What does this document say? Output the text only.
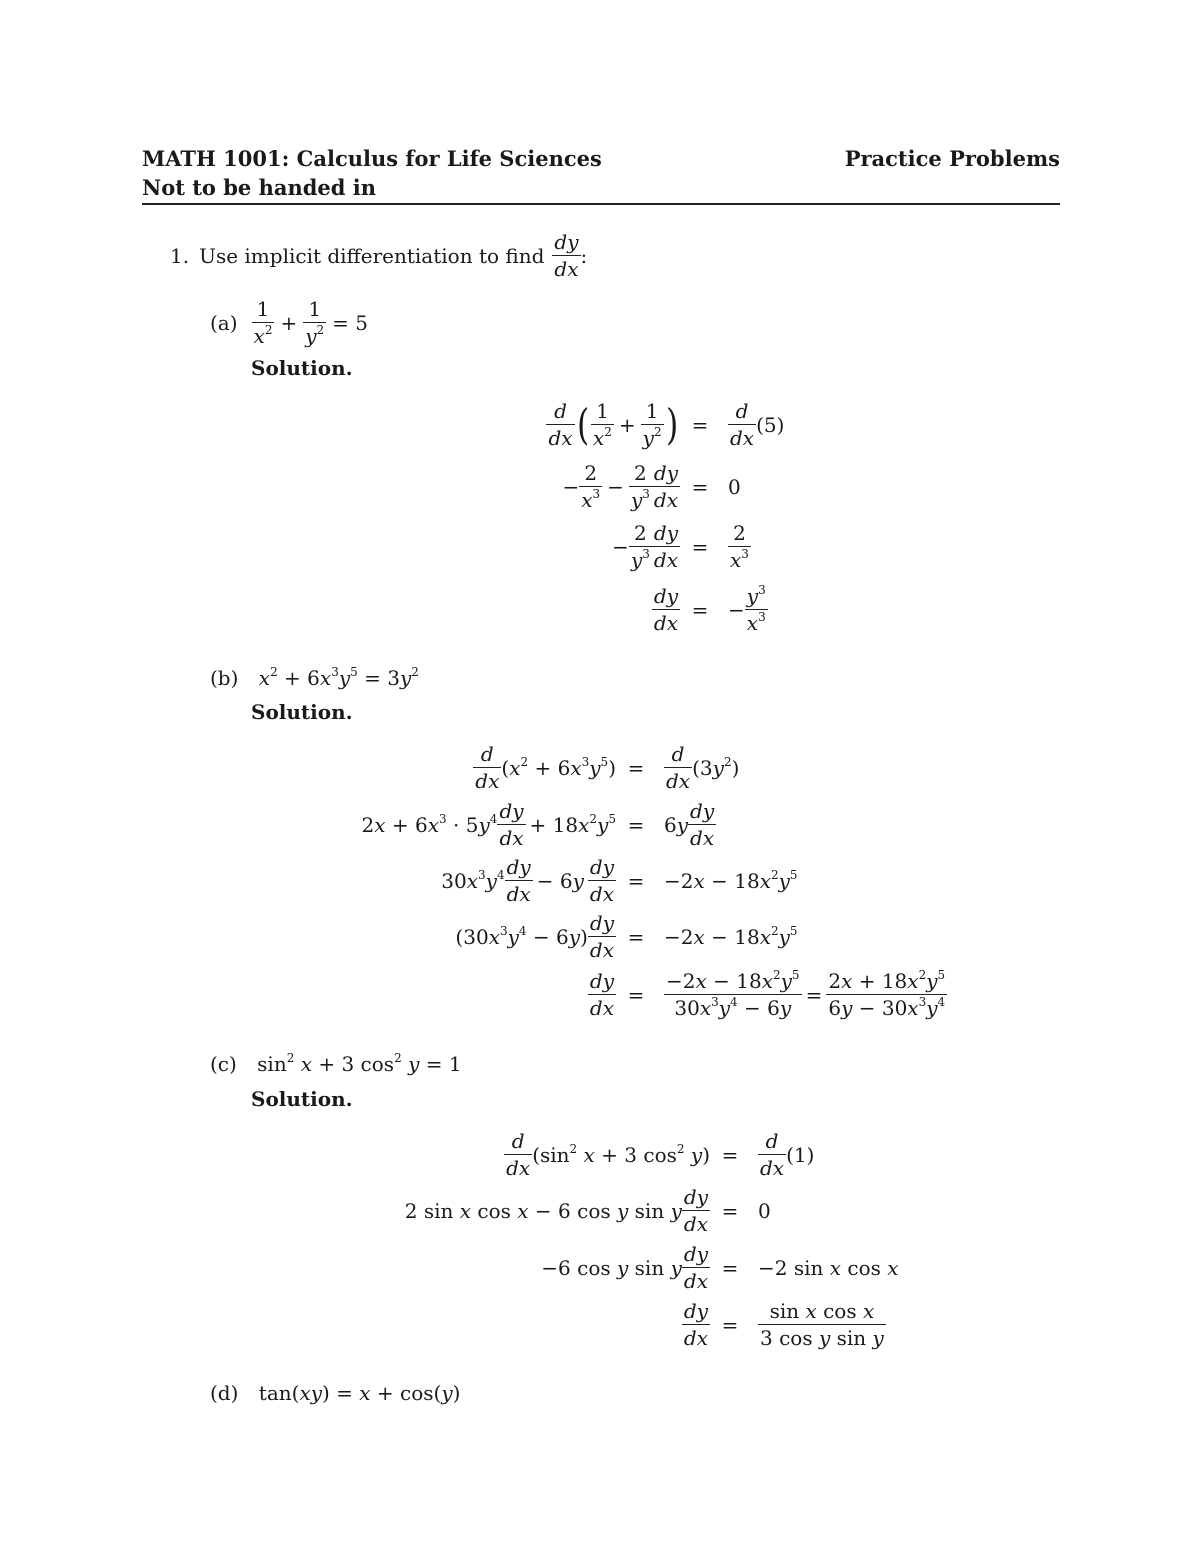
MATH 1001: Calculus for Life Sciences	Practice Problems
Not to be handed in
1. Use implicit differentiation to find $\frac{dy}{dx}$ :
$(a) \frac{1}{x^2} + \frac{1}{y^2} = 5$
Solution.
$\frac{d}{dx}$ ( $\frac{1}{x^2} + \frac{1}{y^2}$ ) = $\frac{d}{dx} (5)$
− $\frac{2}{x^3} - \frac{2}{y^3} \frac{dy}{dx} = 0$
− $\frac{2}{y^3} \frac{dy}{dx} = \frac{2}{x^3}$
$\frac{dy}{dx}$ = − $\frac{y^3}{x^3}$
(b) $x^2 + 6x^3y^5 = 3y^2$
Solution.
$\frac{d}{dx} (x^2 + 6x^3y^5) = \frac{d}{dx} (3y^2)$
$2x + 6x^3 \cdot 5y^4 \frac{dy}{dx} + 18x^2y^5 = 6y \frac{dy}{dx}$
$30x^3y^4 \frac{dy}{dx} - 6y \frac{dy}{dx} = -2x - 18x^2y^5$
$(30x^3y^4 - 6y) \frac{dy}{dx} = -2x - 18x^2y^5$
$\frac{dy}{dx} = \frac{-2x - 18x^2y^5}{30x^3y^4 - 6y} = \frac{2x + 18x^2y^5}{6y - 30x^3y^4}$
(c) $\sin^2 x + 3$ $\cos^2 y = 1$
Solution.
$\frac{d}{dx} (\sin^2$ x + 3 $\cos^2 y) = \frac{d}{dx} (1)$
2 sin x cos x − 6 cos y sin y $\frac{dy}{dx} = 0$
−6 cos y sin y $\frac{dy}{dx} = -2$ sin x cos x
$\frac{dy}{dx} = \frac{\text{sin x cos x}}{\text{3 cos y sin y}}$
(d) tan(xy) = x + cos(y)
